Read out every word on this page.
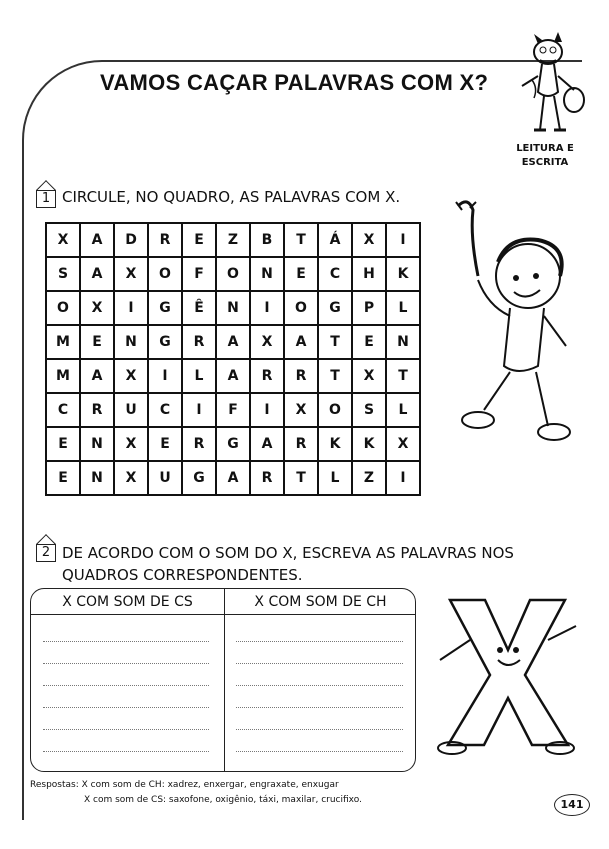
VAMOS CAÇAR PALAVRAS COM X?
LEITURA E
ESCRITA
1 CIRCULE, NO QUADRO, AS PALAVRAS COM X.
X	A	D	R	E	Z	B	T	Á	X	I
S	A	X	O	F	O	N	E	C	H	K
O	X	I	G	Ê	N	I	O	G	P	L
M	E	N	G	R	A	X	A	T	E	N
M	A	X	I	L	A	R	R	T	X	T
C	R	U	C	I	F	I	X	O	S	L
E	N	X	E	R	G	A	R	K	K	X
E	N	X	U	G	A	R	T	L	Z	I
2 DE ACORDO COM O SOM DO X, ESCREVA AS PALAVRAS NOS QUADROS CORRESPONDENTES.
X COM SOM DE CS	X COM SOM DE CH
Respostas: X com som de CH: xadrez, enxergar, engraxate, enxugar
X com som de CS: saxofone, oxigênio, táxi, maxilar, crucifixo.	141
